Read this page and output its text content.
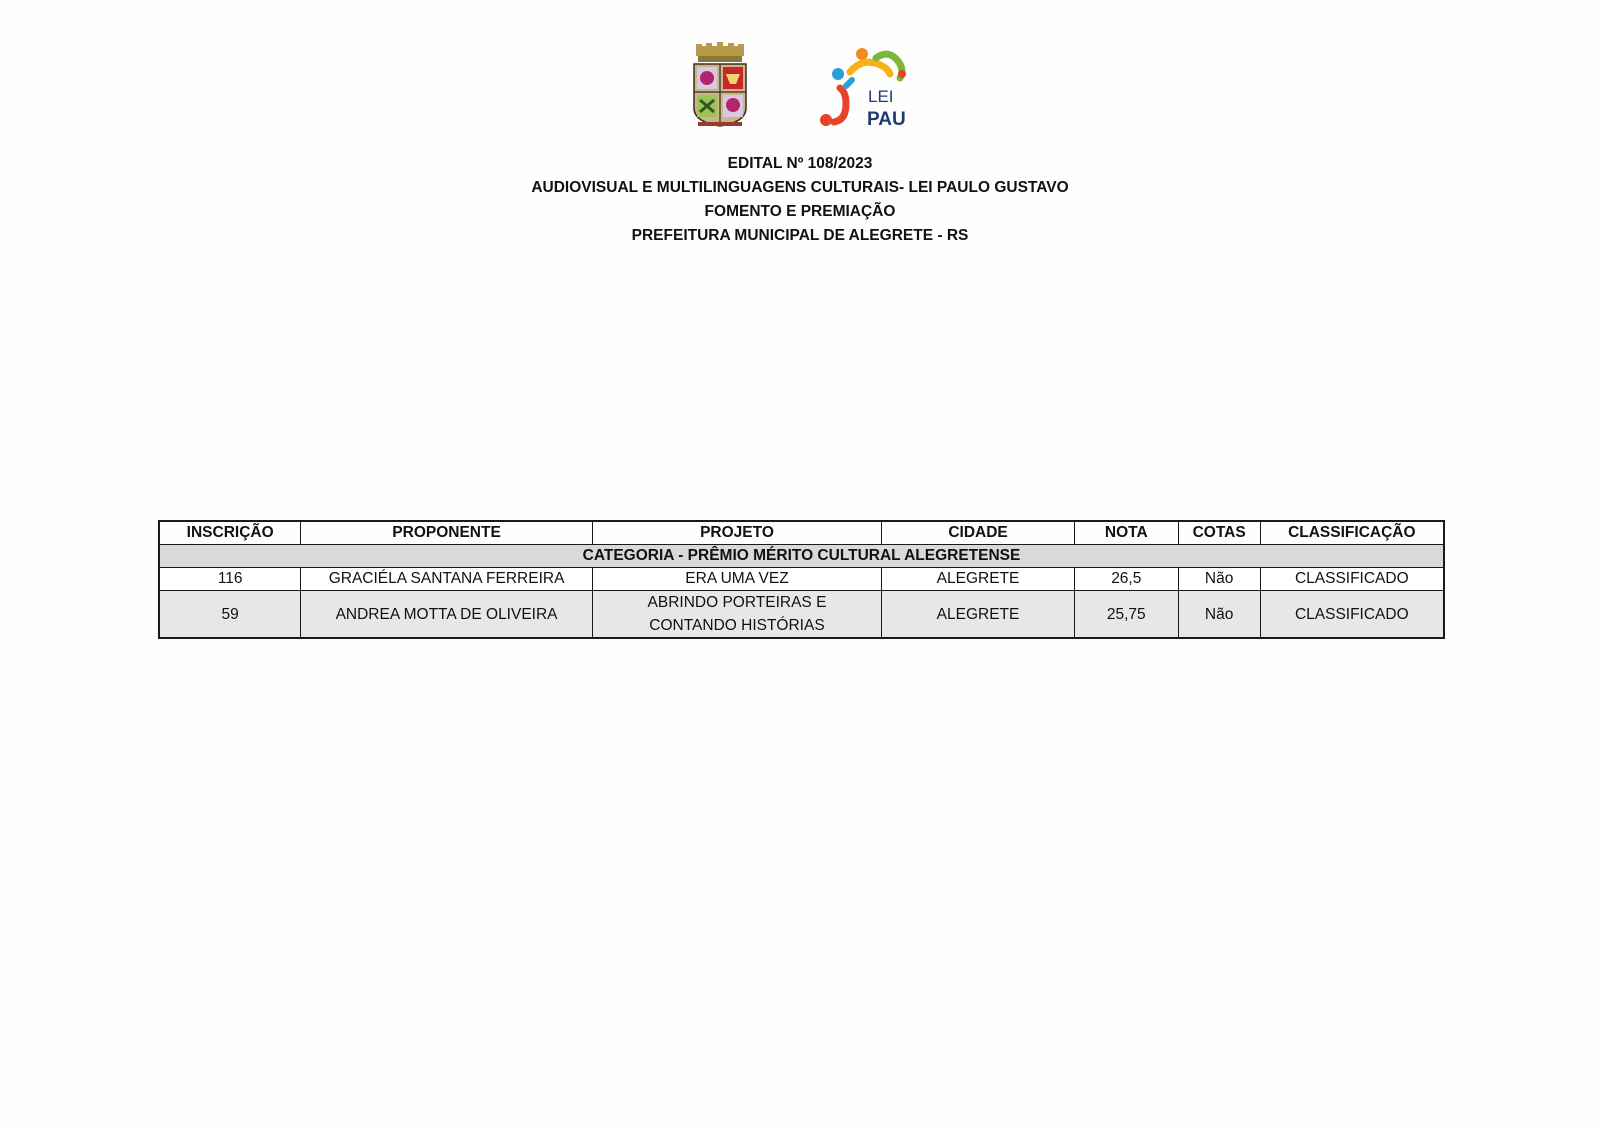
LEI
PAU
EDITAL Nº 108/2023
AUDIOVISUAL E MULTILINGUAGENS CULTURAIS- LEI PAULO GUSTAVO
FOMENTO E PREMIAÇÃO
PREFEITURA MUNICIPAL DE ALEGRETE - RS
INSCRIÇÃO	PROPONENTE	PROJETO	CIDADE	NOTA	COTAS	CLASSIFICAÇÃO
CATEGORIA - PRÊMIO MÉRITO CULTURAL ALEGRETENSE						
116	GRACIÉLA SANTANA FERREIRA	ERA UMA VEZ	ALEGRETE	26,5	Não	CLASSIFICADO
59	ANDREA MOTTA DE OLIVEIRA	ABRINDO PORTEIRAS E CONTANDO HISTÓRIAS	ALEGRETE	25,75	Não	CLASSIFICADO
